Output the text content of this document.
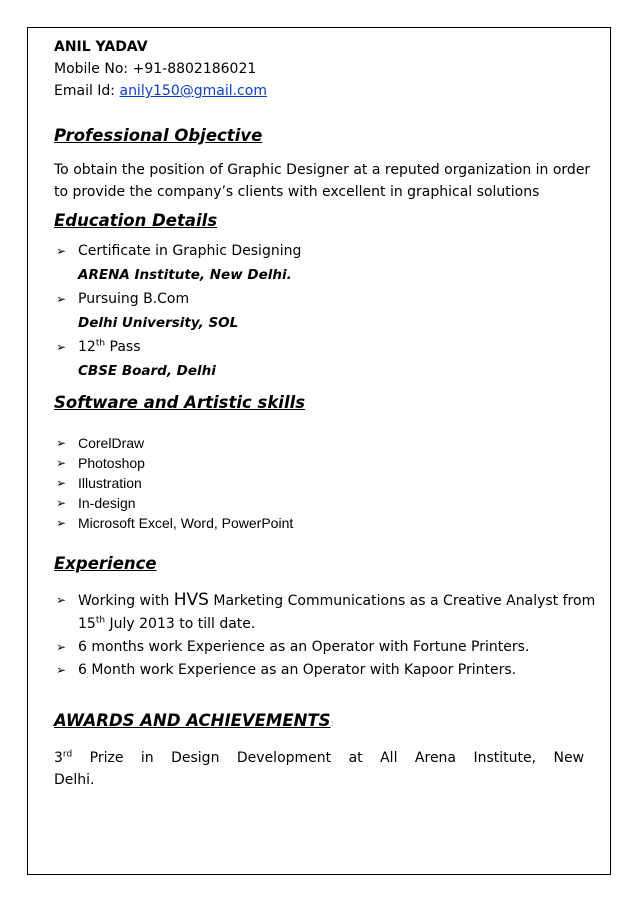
ANIL YADAV

Mobile No: +91-8802186021

Email Id: anily150@gmail.com

Professional Objective

To obtain the position of Graphic Designer at a reputed organization in order to provide the company’s clients with excellent in graphical solutions

Education Details
➢ Certificate in Graphic Designing

ARENA Institute, New Delhi.

➢ Pursuing B.Com

Delhi University, SOL

➢ 12th Pass

CBSE Board, Delhi

Software and Artistic skills
➢ CorelDraw
➢ Photoshop
➢ Illustration
➢ In-design
➢ Microsoft Excel, Word, PowerPoint
Experience
➢ Working with HVS Marketing Communications as a Creative Analyst from
15th July 2013 to till date.
➢ 6 months work Experience as an Operator with Fortune Printers.
➢ 6 Month work Experience as an Operator with Kapoor Printers.
AWARDS AND ACHIEVEMENTS:

3rd Prize in Design Development at All Arena Institute, New Delhi.
